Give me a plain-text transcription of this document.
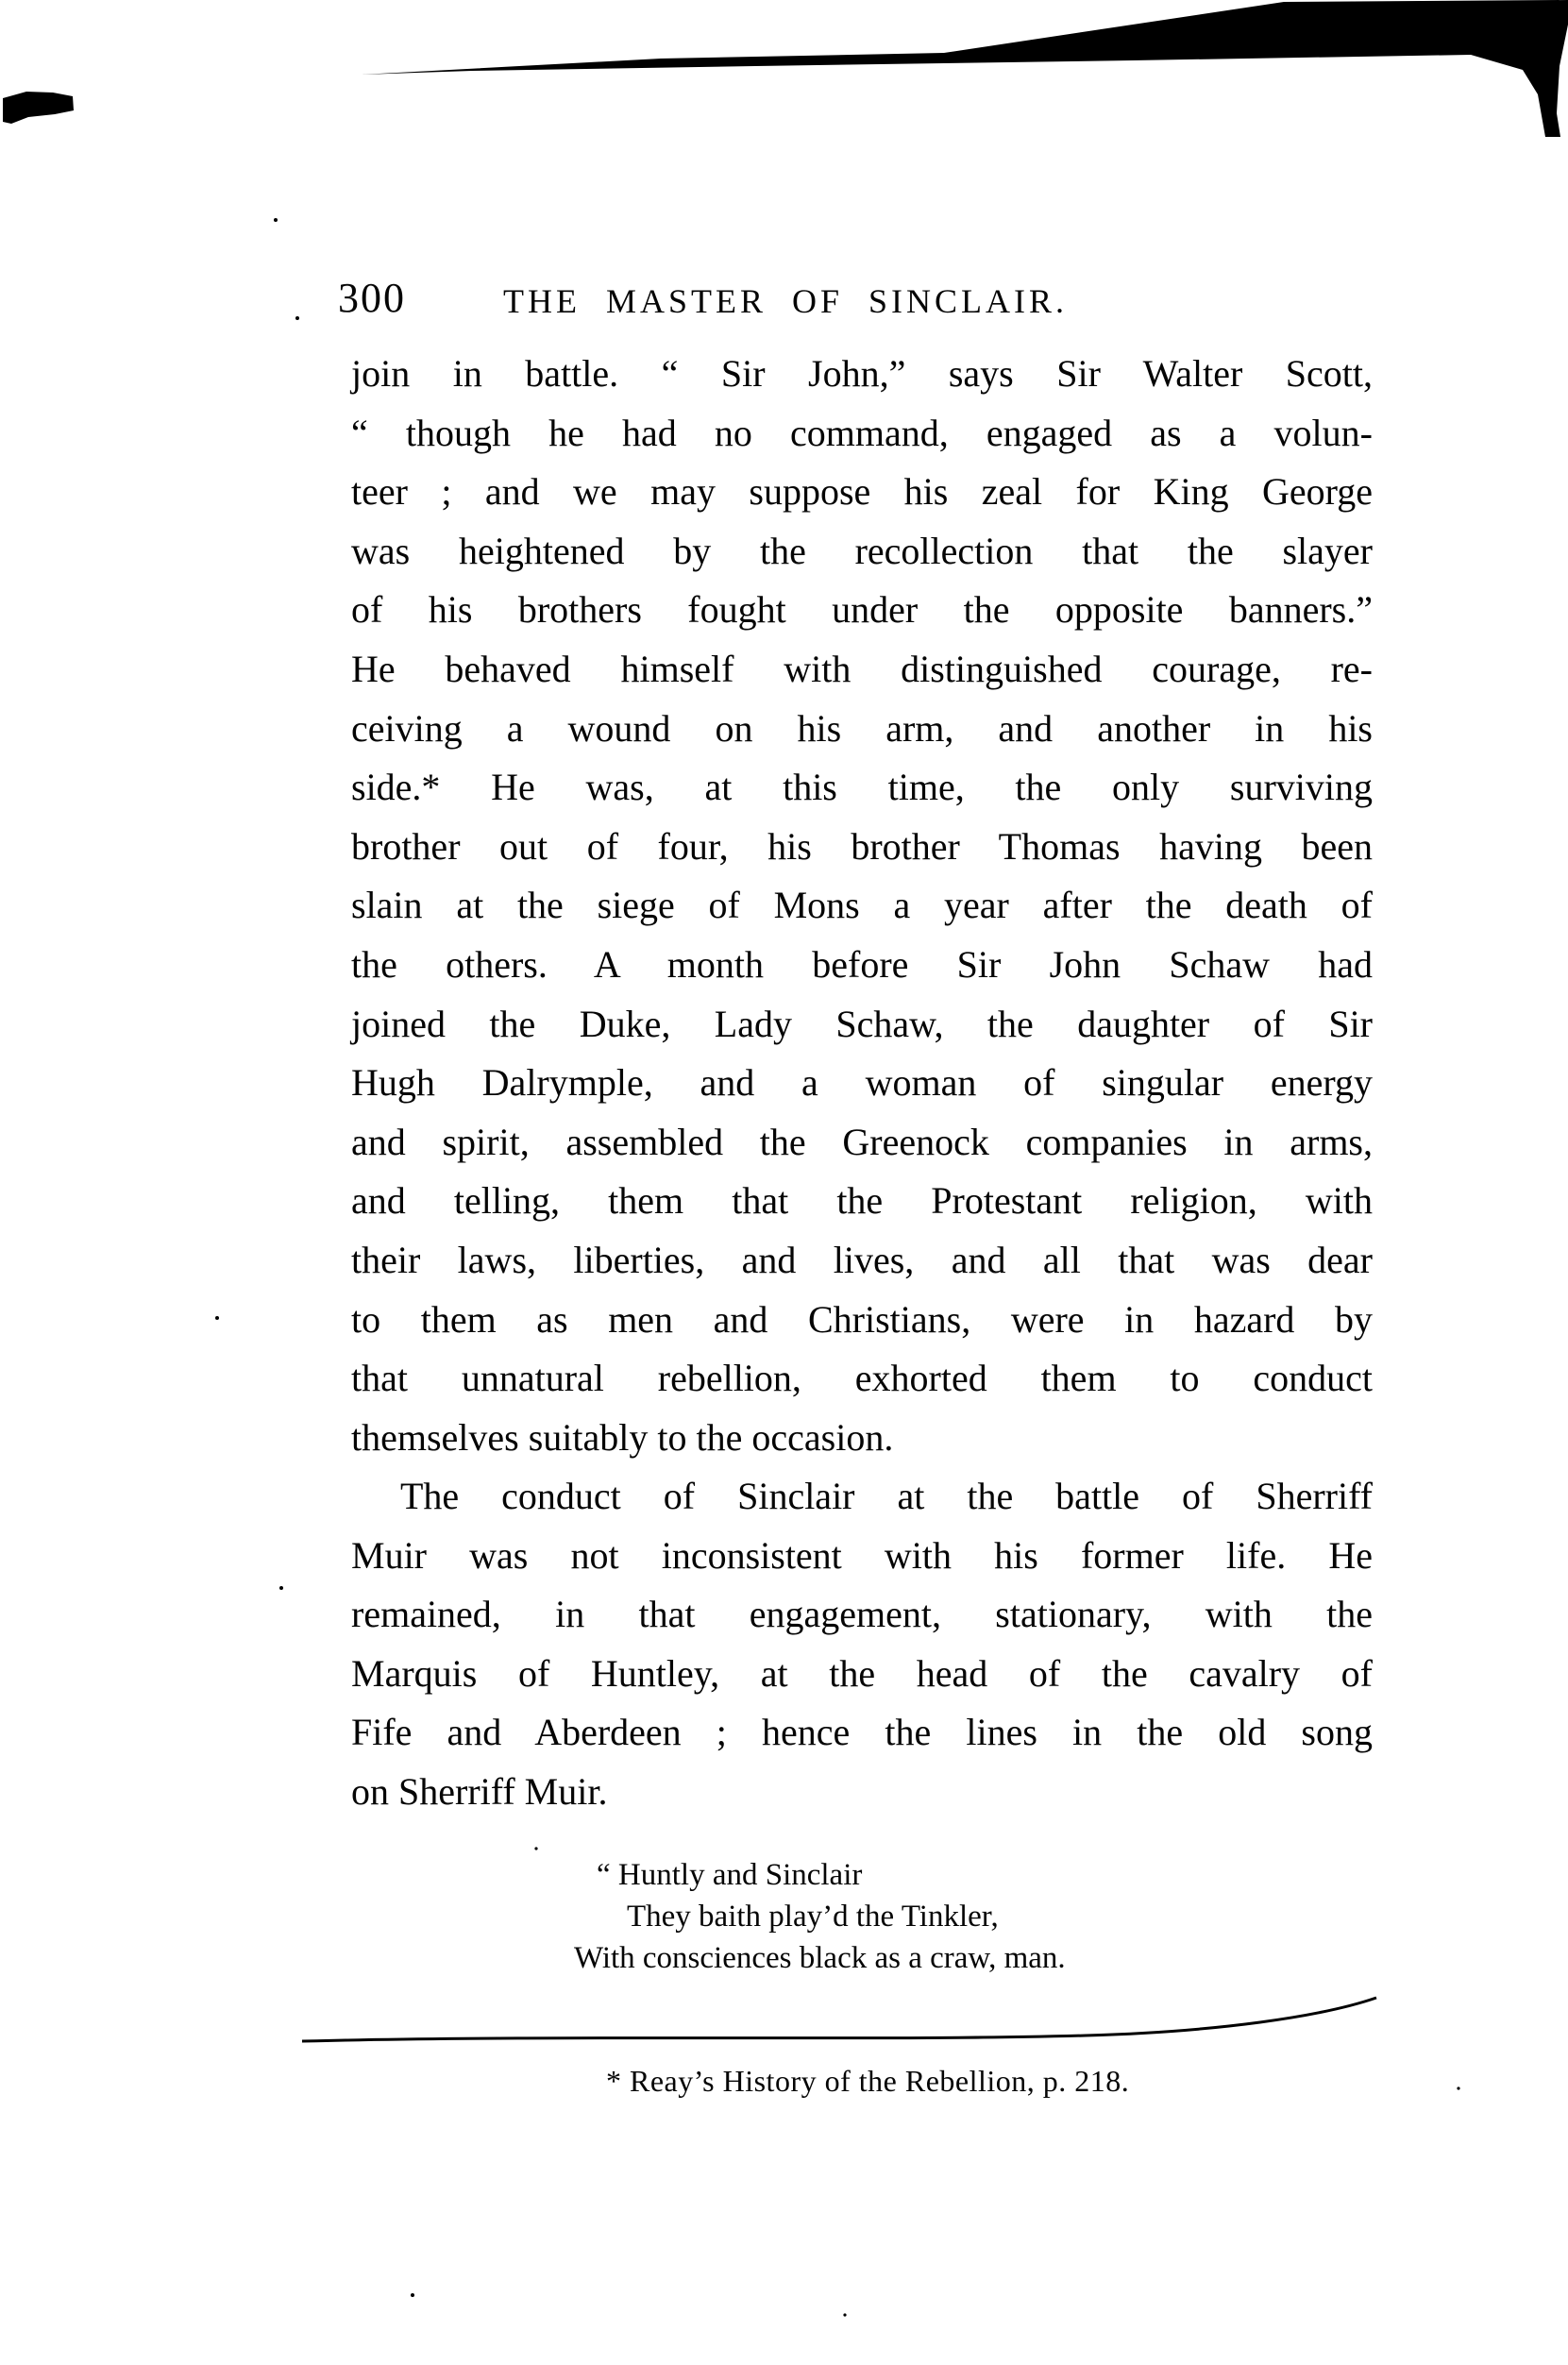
300	THE MASTER OF SINCLAIR.
join in battle. “ Sir John,” says Sir Walter Scott,
“ though he had no command, engaged as a volun-
teer ; and we may suppose his zeal for King George
was heightened by the recollection that the slayer
of his brothers fought under the opposite banners.”
He behaved himself with distinguished courage, re-
ceiving a wound on his arm, and another in his
side.* He was, at this time, the only surviving
brother out of four, his brother Thomas having been
slain at the siege of Mons a year after the death of
the others. A month before Sir John Schaw had
joined the Duke, Lady Schaw, the daughter of Sir
Hugh Dalrymple, and a woman of singular energy
and spirit, assembled the Greenock companies in arms,
and telling, them that the Protestant religion, with
their laws, liberties, and lives, and all that was dear
to them as men and Christians, were in hazard by
that unnatural rebellion, exhorted them to conduct
themselves suitably to the occasion.
The conduct of Sinclair at the battle of Sherriff
Muir was not inconsistent with his former life. He
remained, in that engagement, stationary, with the
Marquis of Huntley, at the head of the cavalry of
Fife and Aberdeen ; hence the lines in the old song
on Sherriff Muir.
“ Huntly and Sinclair
They baith play’d the Tinkler,
With consciences black as a craw, man.
* Reay’s History of the Rebellion, p. 218.
